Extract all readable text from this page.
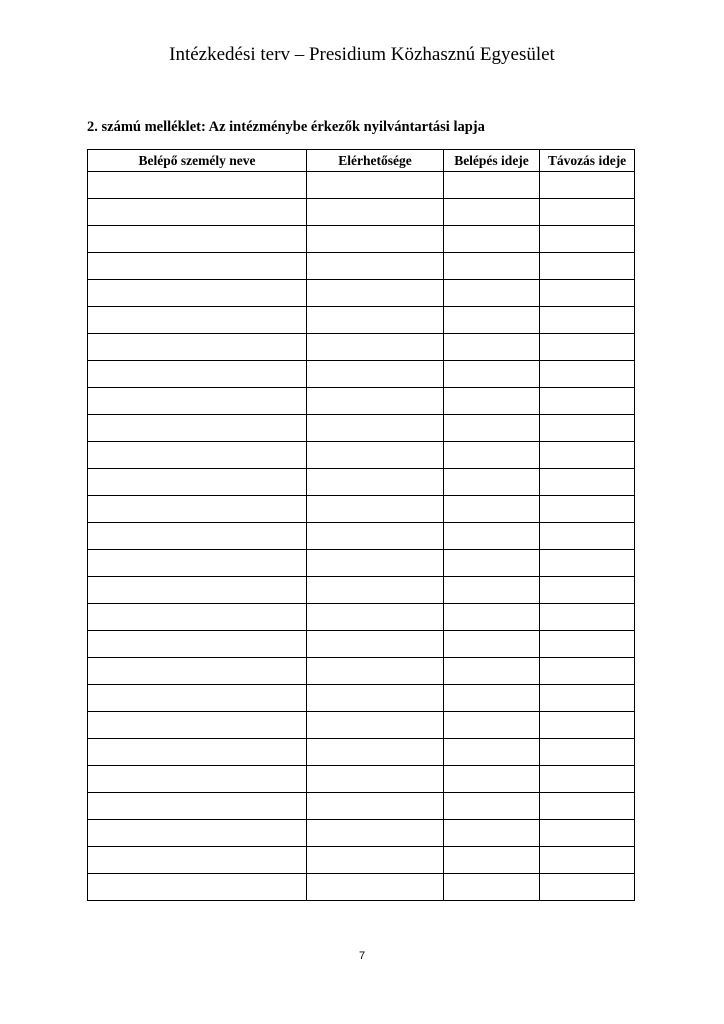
Intézkedési terv – Presidium Közhasznú Egyesület
2. számú melléklet: Az intézménybe érkezők nyilvántartási lapja
Belépő személy neve	Elérhetősége	Belépés ideje	Távozás ideje

7
